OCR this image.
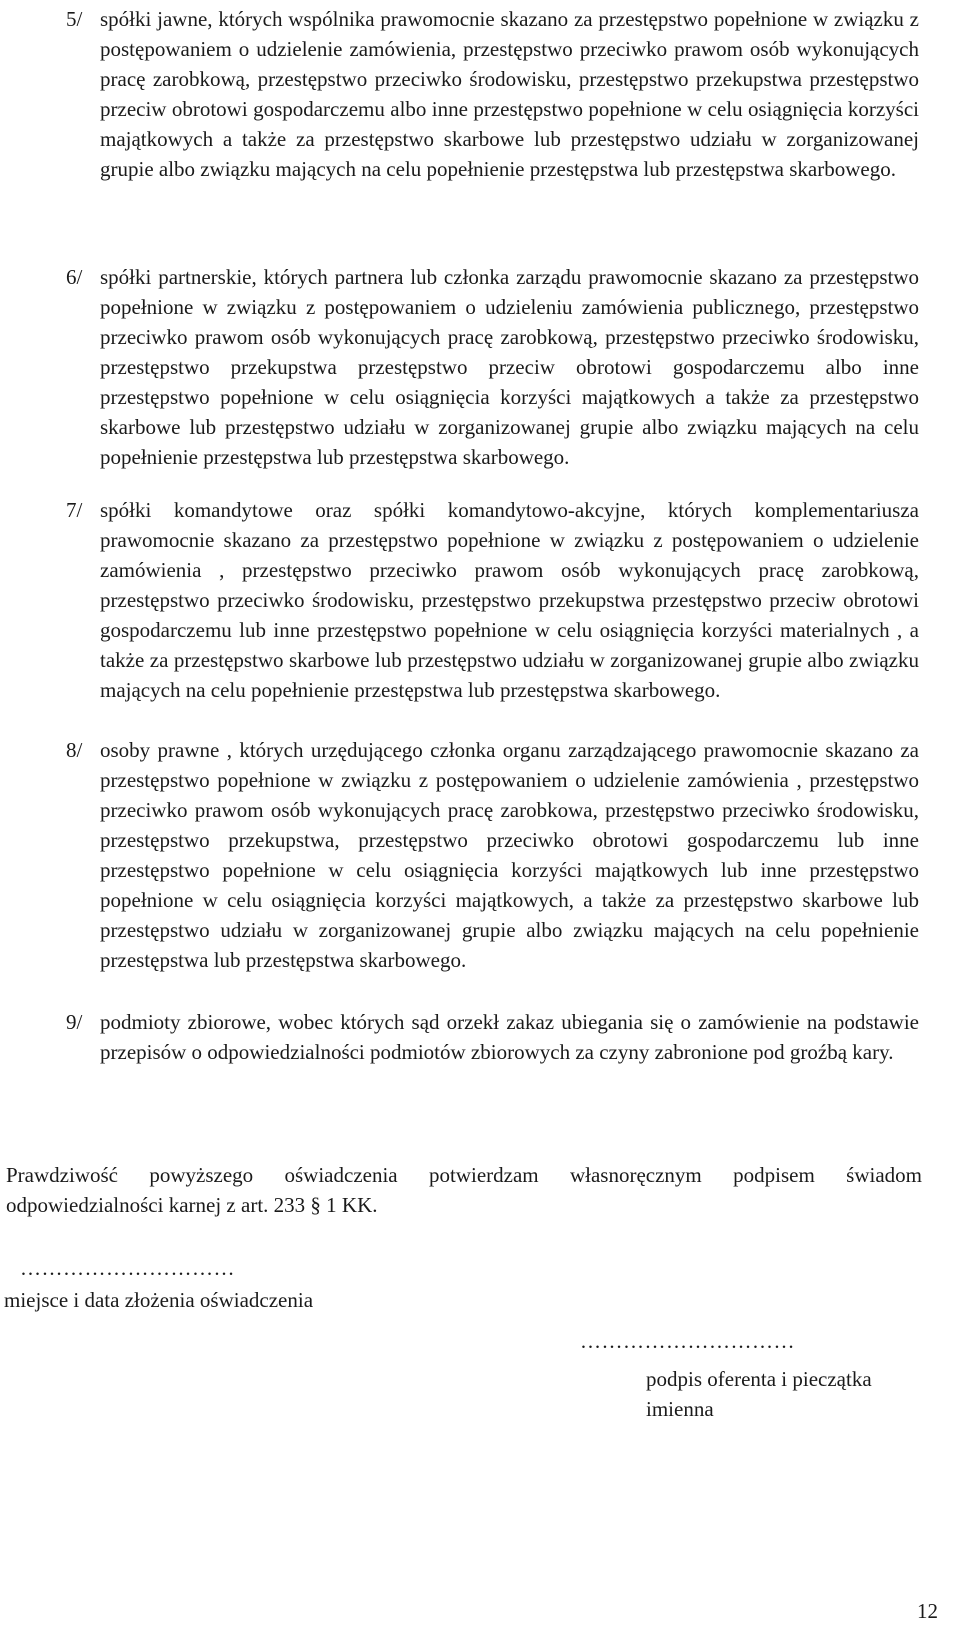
5/ spółki jawne, których wspólnika prawomocnie skazano za przestępstwo popełnione w związku z postępowaniem o udzielenie zamówienia, przestępstwo przeciwko prawom osób wykonujących pracę zarobkową, przestępstwo przeciwko środowisku, przestępstwo przekupstwa przestępstwo przeciw obrotowi gospodarczemu albo inne przestępstwo popełnione w celu osiągnięcia korzyści majątkowych a także za przestępstwo skarbowe lub przestępstwo udziału w zorganizowanej grupie albo związku mających na celu popełnienie przestępstwa lub przestępstwa skarbowego.
6/ spółki partnerskie, których partnera lub członka zarządu prawomocnie skazano za przestępstwo popełnione w związku z postępowaniem o udzieleniu zamówienia publicznego, przestępstwo przeciwko prawom osób wykonujących pracę zarobkową, przestępstwo przeciwko środowisku, przestępstwo przekupstwa przestępstwo przeciw obrotowi gospodarczemu albo inne przestępstwo popełnione w celu osiągnięcia korzyści majątkowych a także za przestępstwo skarbowe lub przestępstwo udziału w zorganizowanej grupie albo związku mających na celu popełnienie przestępstwa lub przestępstwa skarbowego.
7/ spółki komandytowe oraz spółki komandytowo-akcyjne, których komplementariusza prawomocnie skazano za przestępstwo popełnione w związku z postępowaniem o udzielenie zamówienia , przestępstwo przeciwko prawom osób wykonujących pracę zarobkową, przestępstwo przeciwko środowisku, przestępstwo przekupstwa przestępstwo przeciw obrotowi gospodarczemu lub inne przestępstwo popełnione w celu osiągnięcia korzyści materialnych , a także za przestępstwo skarbowe lub przestępstwo udziału w zorganizowanej grupie albo związku mających na celu popełnienie przestępstwa lub przestępstwa skarbowego.
8/ osoby prawne , których urzędującego członka organu zarządzającego prawomocnie skazano za przestępstwo popełnione w związku z postępowaniem o udzielenie zamówienia , przestępstwo przeciwko prawom osób wykonujących pracę zarobkowa, przestępstwo przeciwko środowisku, przestępstwo przekupstwa, przestępstwo przeciwko obrotowi gospodarczemu lub inne przestępstwo popełnione w celu osiągnięcia korzyści majątkowych lub inne przestępstwo popełnione w celu osiągnięcia korzyści majątkowych, a także za przestępstwo skarbowe lub przestępstwo udziału w zorganizowanej grupie albo związku mających na celu popełnienie przestępstwa lub przestępstwa skarbowego.
9/ podmioty zbiorowe, wobec których sąd orzekł zakaz ubiegania się o zamówienie na podstawie przepisów o odpowiedzialności podmiotów zbiorowych za czyny zabronione pod groźbą kary.

Prawdziwość powyższego oświadczenia potwierdzam własnoręcznym podpisem świadom odpowiedzialności karnej z art. 233 § 1 KK.

…………………………

miejsce i data złożenia oświadczenia

…………………………

podpis oferenta i pieczątka

imienna

12
